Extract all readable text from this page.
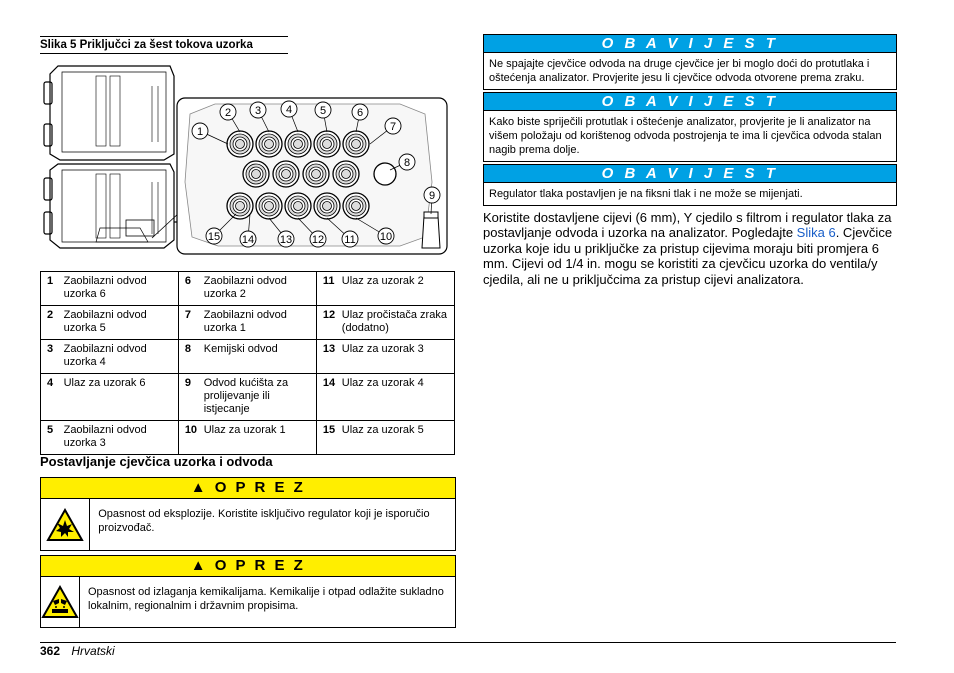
Slika 5 Priključci za šest tokova uzorka
1
2 3 4	5	6
7
8
9
10
11
12
13
14
15
1	Zaobilazni odvod uzorka 6	6	Zaobilazni odvod uzorka 2	11	Ulaz za uzorak 2
2	Zaobilazni odvod uzorka 5	7	Zaobilazni odvod uzorka 1	12	Ulaz pročistača zraka (dodatno)
3	Zaobilazni odvod uzorka 4	8	Kemijski odvod	13	Ulaz za uzorak 3
4	Ulaz za uzorak 6	9	Odvod kućišta za prolijevanje ili istjecanje	14	Ulaz za uzorak 4
5	Zaobilazni odvod uzorka 3	10	Ulaz za uzorak 1	15	Ulaz za uzorak 5
Postavljanje cjevčica uzorka i odvoda
▲ O P R E Z
Opasnost od eksplozije. Koristite isključivo regulator koji je isporučio proizvođač.
▲ O P R E Z
Opasnost od izlaganja kemikalijama. Kemikalije i otpad odlažite sukladno lokalnim, regionalnim i državnim propisima.
O B A V I J E S T
Ne spajajte cjevčice odvoda na druge cjevčice jer bi moglo doći do protutlaka i oštećenja analizator. Provjerite jesu li cjevčice odvoda otvorene prema zraku.
O B A V I J E S T
Kako biste spriječili protutlak i oštećenje analizator, provjerite je li analizator na višem položaju od korištenog odvoda postrojenja te ima li cjevčica odvoda stalan nagib prema dolje.
O B A V I J E S T
Regulator tlaka postavljen je na fiksni tlak i ne može se mijenjati.
Koristite dostavljene cijevi (6 mm), Y cjedilo s filtrom i regulator tlaka za postavljanje odvoda i uzorka na analizator. Pogledajte Slika 6. Cjevčice uzorka koje idu u priključke za pristup cijevima moraju biti promjera 6 mm. Cijevi od 1/4 in. mogu se koristiti za cjevčicu uzorka do ventila/y cjedila, ali ne u priključcima za pristup cijevi analizatora.
362 Hrvatski
